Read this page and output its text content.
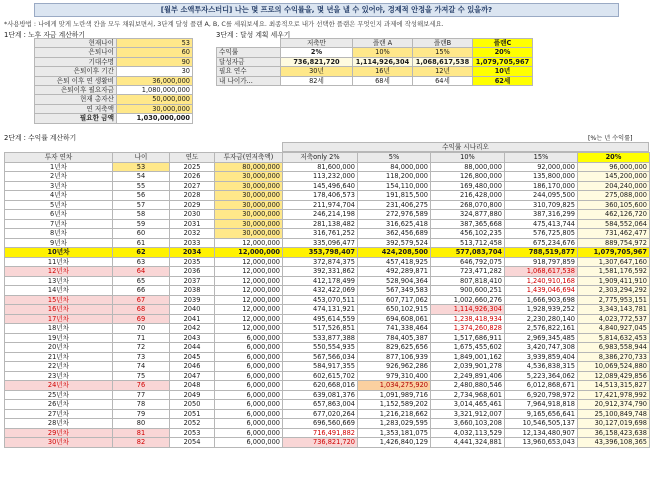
[월부 소액투자스터디] 나는 몇 프로의 수익률을, 몇 년을 낼 수 있어야, 경제적 안정을 가져갈 수 있을까?
*사용방법 : 나에게 맞게 노란색 칸을 모두 채워보면서, 3단계 달성 플랜 A, B, C를 세워보세요. 최종적으로 내가 선택한 플랜은 무엇인지 과제에 작성해보세요.
1단계 : 노후 자금 계산하기
현재나이	53
은퇴나이	60
기대수명	90
은퇴이후 기간	30
은퇴 이후 연 생활비	36,000,000
은퇴이후 필요자금	1,080,000,000
현재 총자산	50,000,000
연 저축액	30,000,000
필요한 금액	1,030,000,000
3단계 : 달성 계획 세우기
	저축만	플랜 A	플랜B	플랜C
수익률	2%	10%	15%	20%
달성자금	736,821,720	1,114,926,304	1,068,617,538	1,079,705,967
필요 연수	30년	16년	12년	10년
내 나이가...	82세	68세	64세	62세
2단계 : 수익률 계산하기	[%는 년 수익률]
수익률 시나리오
투자 연차	나이	연도	투자금(연저축액)	저축only 2%	5%	10%	15%	20%
1년차	53	2025	80,000,000	81,600,000	84,000,000	88,000,000	92,000,000	96,000,000
2년차	54	2026	30,000,000	113,232,000	118,200,000	126,800,000	135,800,000	145,200,000
3년차	55	2027	30,000,000	145,496,640	154,110,000	169,480,000	186,170,000	204,240,000
4년차	56	2028	30,000,000	178,406,573	191,815,500	216,428,000	244,095,500	275,088,000
5년차	57	2029	30,000,000	211,974,704	231,406,275	268,070,800	310,709,825	360,105,600
6년차	58	2030	30,000,000	246,214,198	272,976,589	324,877,880	387,316,299	462,126,720
7년차	59	2031	30,000,000	281,138,482	316,625,418	387,365,668	475,413,744	584,552,064
8년차	60	2032	30,000,000	316,761,252	362,456,689	456,102,235	576,725,805	731,462,477
9년차	61	2033	12,000,000	335,096,477	392,579,524	513,712,458	675,234,676	889,754,972
10년차	62	2034	12,000,000	353,798,407	424,208,500	577,083,704	788,519,877	1,079,705,967
11년차	63	2035	12,000,000	372,874,375	457,418,925	646,792,075	918,797,859	1,307,647,160
12년차	64	2036	12,000,000	392,331,862	492,289,871	723,471,282	1,068,617,538	1,581,176,592
13년차	65	2037	12,000,000	412,178,499	528,904,364	807,818,410	1,240,910,168	1,909,411,910
14년차	66	2038	12,000,000	432,422,069	567,349,583	900,600,251	1,439,046,694	2,303,294,292
15년차	67	2039	12,000,000	453,070,511	607,717,062	1,002,660,276	1,666,903,698	2,775,953,151
16년차	68	2040	12,000,000	474,131,921	650,102,915	1,114,926,304	1,928,939,252	3,343,143,781
17년차	69	2041	12,000,000	495,614,559	694,608,061	1,238,418,934	2,230,280,140	4,023,772,537
18년차	70	2042	12,000,000	517,526,851	741,338,464	1,374,260,828	2,576,822,161	4,840,927,045
19년차	71	2043	6,000,000	533,877,388	784,405,387	1,517,686,911	2,969,345,485	5,814,632,453
20년차	72	2044	6,000,000	550,554,935	829,625,656	1,675,455,602	3,420,747,308	6,983,558,944
21년차	73	2045	6,000,000	567,566,034	877,106,939	1,849,001,162	3,939,859,404	8,386,270,733
22년차	74	2046	6,000,000	584,917,355	926,962,286	2,039,901,278	4,536,838,315	10,069,524,880
23년차	75	2047	6,000,000	602,615,702	979,310,400	2,249,891,406	5,223,364,062	12,089,429,856
24년차	76	2048	6,000,000	620,668,016	1,034,275,920	2,480,880,546	6,012,868,671	14,513,315,827
25년차	77	2049	6,000,000	639,081,376	1,091,989,716	2,734,968,601	6,920,798,972	17,421,978,992
26년차	78	2050	6,000,000	657,863,004	1,152,589,202	3,014,465,461	7,964,918,818	20,912,374,790
27년차	79	2051	6,000,000	677,020,264	1,216,218,662	3,321,912,007	9,165,656,641	25,100,849,748
28년차	80	2052	6,000,000	696,560,669	1,283,029,595	3,660,103,208	10,546,505,137	30,127,019,698
29년차	81	2053	6,000,000	716,491,882	1,353,181,075	4,032,113,529	12,134,480,907	36,158,423,638
30년차	82	2054	6,000,000	736,821,720	1,426,840,129	4,441,324,881	13,960,653,043	43,396,108,365
